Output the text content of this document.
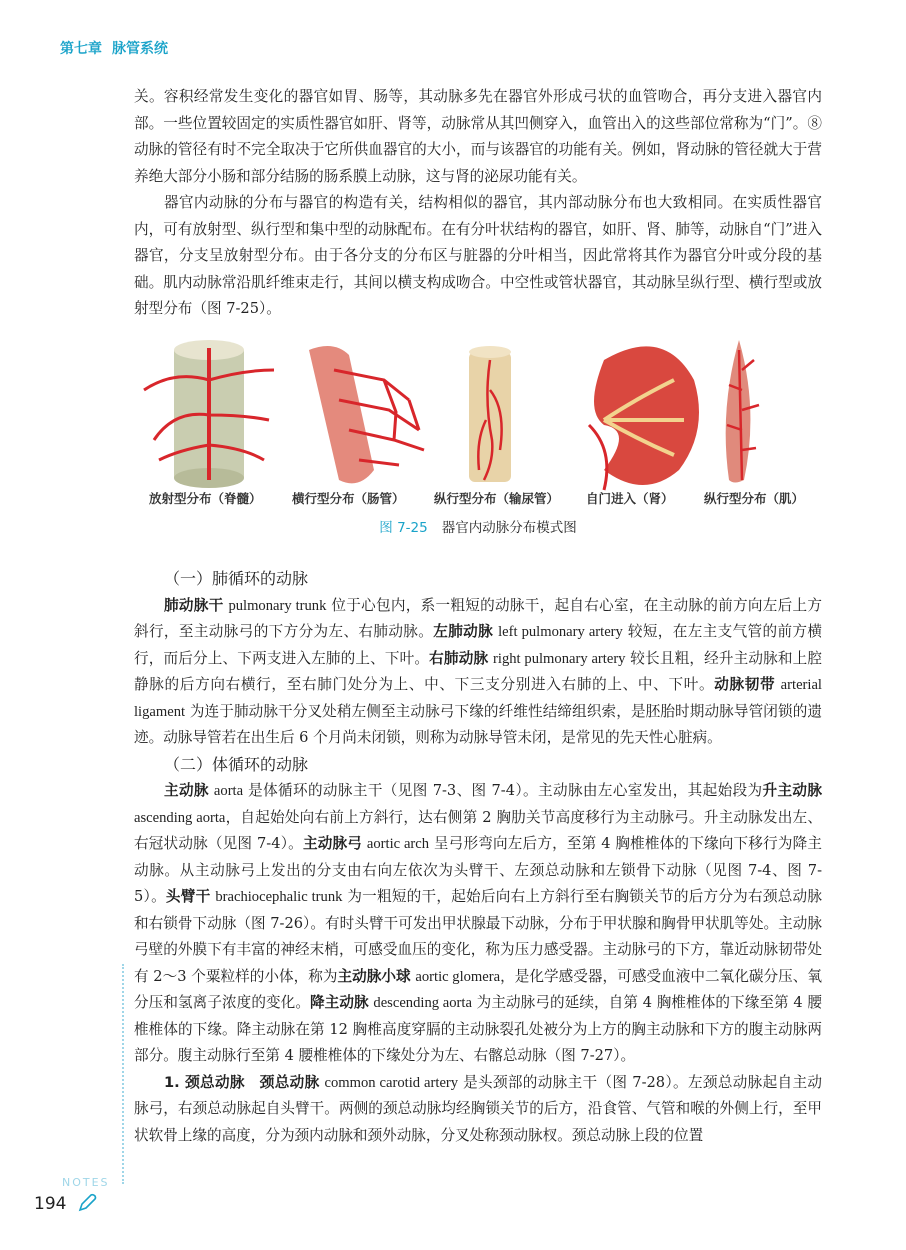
第七章 脉管系统

关。容积经常发生变化的器官如胃、肠等，其动脉多先在器官外形成弓状的血管吻合，再分支进入器官内部。一些位置较固定的实质性器官如肝、肾等，动脉常从其凹侧穿入，血管出入的这些部位常称为“门”。⑧动脉的管径有时不完全取决于它所供血器官的大小，而与该器官的功能有关。例如，肾动脉的管径就大于营养绝大部分小肠和部分结肠的肠系膜上动脉，这与肾的泌尿功能有关。

器官内动脉的分布与器官的构造有关，结构相似的器官，其内部动脉分布也大致相同。在实质性器官内，可有放射型、纵行型和集中型的动脉配布。在有分叶状结构的器官，如肝、肾、肺等，动脉自“门”进入器官，分支呈放射型分布。由于各分支的分布区与脏器的分叶相当，因此常将其作为器官分叶或分段的基础。肌内动脉常沿肌纤维束走行，其间以横支构成吻合。中空性或管状器官，其动脉呈纵行型、横行型或放射型分布（图 7-25）。

放射型分布（脊髓） 横行型分布（肠管） 纵行型分布（输尿管） 自门进入（肾） 纵行型分布（肌）
图 7-25 器官内动脉分布模式图

（一）肺循环的动脉

肺动脉干 pulmonary trunk 位于心包内，系一粗短的动脉干，起自右心室，在主动脉的前方向左后上方斜行，至主动脉弓的下方分为左、右肺动脉。左肺动脉 left pulmonary artery 较短，在左主支气管的前方横行，而后分上、下两支进入左肺的上、下叶。右肺动脉 right pulmonary artery 较长且粗，经升主动脉和上腔静脉的后方向右横行，至右肺门处分为上、中、下三支分别进入右肺的上、中、下叶。动脉韧带 arterial ligament 为连于肺动脉干分叉处稍左侧至主动脉弓下缘的纤维性结缔组织索，是胚胎时期动脉导管闭锁的遗迹。动脉导管若在出生后 6 个月尚未闭锁，则称为动脉导管未闭，是常见的先天性心脏病。

（二）体循环的动脉

主动脉 aorta 是体循环的动脉主干（见图 7-3、图 7-4）。主动脉由左心室发出，其起始段为升主动脉 ascending aorta，自起始处向右前上方斜行，达右侧第 2 胸肋关节高度移行为主动脉弓。升主动脉发出左、右冠状动脉（见图 7-4）。主动脉弓 aortic arch 呈弓形弯向左后方，至第 4 胸椎椎体的下缘向下移行为降主动脉。从主动脉弓上发出的分支由右向左依次为头臂干、左颈总动脉和左锁骨下动脉（见图 7-4、图 7-5）。头臂干 brachiocephalic trunk 为一粗短的干，起始后向右上方斜行至右胸锁关节的后方分为右颈总动脉和右锁骨下动脉（图 7-26）。有时头臂干可发出甲状腺最下动脉，分布于甲状腺和胸骨甲状肌等处。主动脉弓壁的外膜下有丰富的神经末梢，可感受血压的变化，称为压力感受器。主动脉弓的下方，靠近动脉韧带处有 2～3 个粟粒样的小体，称为主动脉小球 aortic glomera，是化学感受器，可感受血液中二氧化碳分压、氧分压和氢离子浓度的变化。降主动脉 descending aorta 为主动脉弓的延续，自第 4 胸椎椎体的下缘至第 4 腰椎椎体的下缘。降主动脉在第 12 胸椎高度穿膈的主动脉裂孔处被分为上方的胸主动脉和下方的腹主动脉两部分。腹主动脉行至第 4 腰椎椎体的下缘处分为左、右髂总动脉（图 7-27）。

1. 颈总动脉　 颈总动脉 common carotid artery 是头颈部的动脉主干（图 7-28）。左颈总动脉起自主动脉弓，右颈总动脉起自头臂干。两侧的颈总动脉均经胸锁关节的后方，沿食管、气管和喉的外侧上行，至甲状软骨上缘的高度，分为颈内动脉和颈外动脉，分叉处称颈动脉杈。颈总动脉上段的位置

NOTES
194
